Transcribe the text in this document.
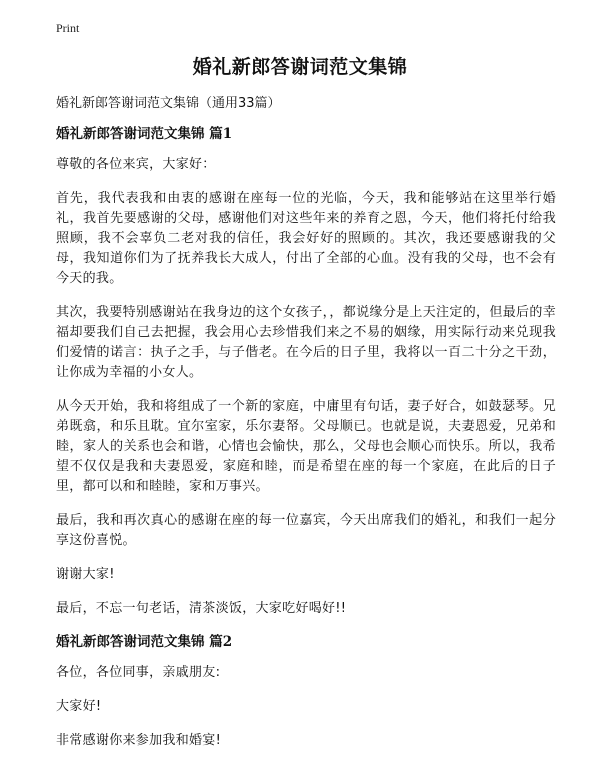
Print
婚礼新郎答谢词范文集锦

婚礼新郎答谢词范文集锦（通用33篇）

婚礼新郎答谢词范文集锦 篇1

尊敬的各位来宾，大家好：

首先，我代表我和由衷的感谢在座每一位的光临，今天，我和能够站在这里举行婚礼，我首先要感谢的父母，感谢他们对这些年来的养育之恩，今天，他们将托付给我照顾，我不会辜负二老对我的信任，我会好好的照顾的。其次，我还要感谢我的父母，我知道你们为了抚养我长大成人，付出了全部的心血。没有我的父母，也不会有今天的我。

其次，我要特别感谢站在我身边的这个女孩子，，都说缘分是上天注定的，但最后的幸福却要我们自己去把握，我会用心去珍惜我们来之不易的姻缘，用实际行动来兑现我们爱情的诺言：执子之手，与子偕老。在今后的日子里，我将以一百二十分之干劲，让你成为幸福的小女人。

从今天开始，我和将组成了一个新的家庭，中庸里有句话，妻子好合，如鼓瑟琴。兄弟既翕，和乐且耽。宜尔室家，乐尔妻帑。父母顺已。也就是说，夫妻恩爱，兄弟和睦，家人的关系也会和谐，心情也会愉快，那么，父母也会顺心而快乐。所以，我希望不仅仅是我和夫妻恩爱，家庭和睦，而是希望在座的每一个家庭，在此后的日子里，都可以和和睦睦，家和万事兴。

最后，我和再次真心的感谢在座的每一位嘉宾，今天出席我们的婚礼，和我们一起分享这份喜悦。

谢谢大家!

最后，不忘一句老话，清茶淡饭，大家吃好喝好!!

婚礼新郎答谢词范文集锦 篇2

各位，各位同事，亲戚朋友:

大家好!

非常感谢你来参加我和婚宴!
